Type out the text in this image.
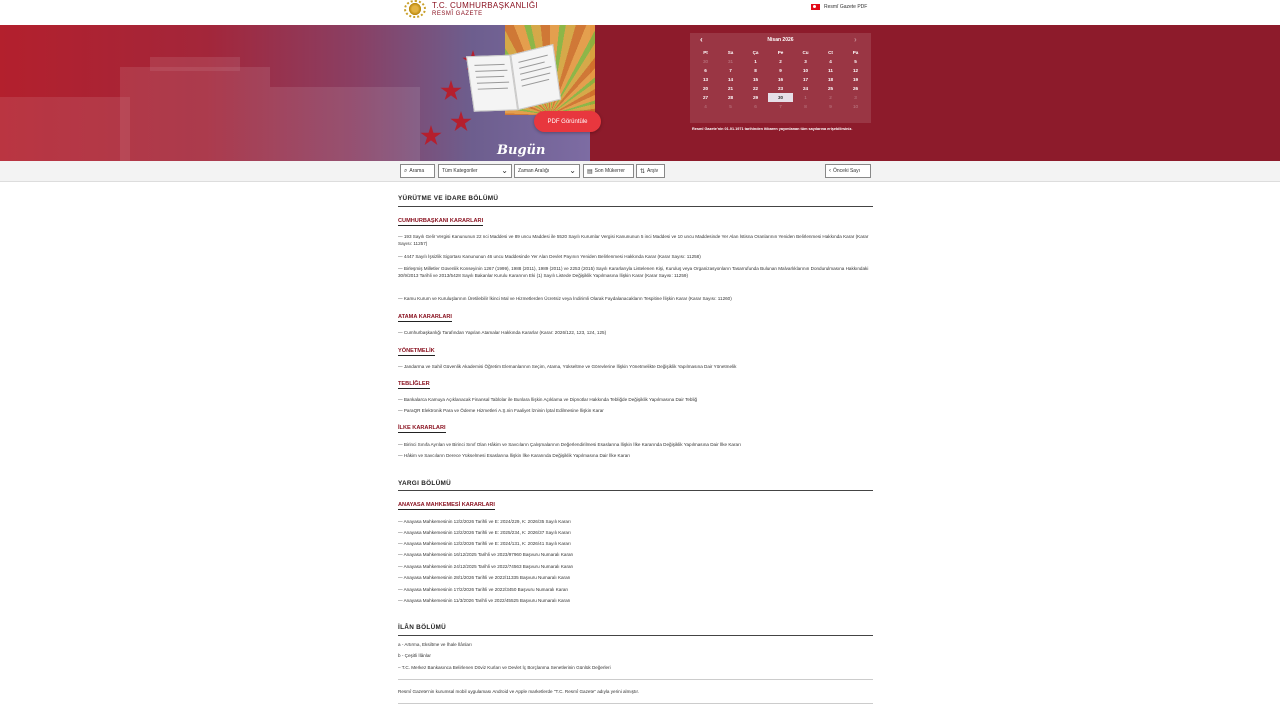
T.C. CUMHURBAŞKANLIĞI
RESMÎ GAZETE
Resmî Gazete PDF
PDF Görüntüle
Bugün
‹	Nisan 2026	›
Pt	Sa	Ça	Pe	Cu	Ct	Pa
30	31	1	2	3	4	5
6	7	8	9	10	11	12
13	14	15	16	17	18	19
20	21	22	23	24	25	26
27	28	29	30	1	2	3
4	5	6	7	8	9	10
Resmî Gazete'nin 01.01.1971 tarihinden itibaren yayımlanan tüm sayılarına erişebilirsiniz.
⌕ Arama	Tüm Kategoriler	⌄ Zaman Aralığı	⌄ ▤ Son Mükerrer	⇅ Arşiv	‹ Önceki Sayı
YÜRÜTME VE İDARE BÖLÜMÜ
CUMHURBAŞKANI KARARLARI
— 193 Sayılı Gelir Vergisi Kanununun 22 nci Maddesi ve 89 uncu Maddesi ile 5520 Sayılı Kurumlar Vergisi Kanununun 5 inci Maddesi ve 10 uncu Maddesinde Yer Alan İstisna Oranlarının Yeniden Belirlenmesi Hakkında Karar (Karar Sayısı: 11257)
— 4447 Sayılı İşsizlik Sigortası Kanununun 46 uncu Maddesinde Yer Alan Devlet Payının Yeniden Belirlenmesi Hakkında Karar (Karar Sayısı: 11258)
— Birleşmiş Milletler Güvenlik Konseyinin 1267 (1999), 1988 (2011), 1989 (2011) ve 2253 (2015) Sayılı Kararlarıyla Listelenen Kişi, Kuruluş veya Organizasyonların Tasarrufunda Bulunan Malvarlıklarının Dondurulmasına Hakkındaki 30/9/2013 Tarihli ve 2013/5428 Sayılı Bakanlar Kurulu Kararının Eki (1) Sayılı Listede Değişiklik Yapılmasına İlişkin Karar (Karar Sayısı: 11259)
— Kamu Kurum ve Kuruluşlarının Üretilebilir İkinci Mal ve Hizmetlerden Ücretsiz veya İndirimli Olarak Faydalanacakların Tespitine İlişkin Karar (Karar Sayısı: 11260)
ATAMA KARARLARI
— Cumhurbaşkanlığı Tarafından Yapılan Atamalar Hakkında Kararlar (Karar: 2026/122, 123, 124, 125)
YÖNETMELİK
— Jandarma ve Sahil Güvenlik Akademisi Öğretim Elemanlarının Seçim, Atama, Yükseltme ve Görevlerine İlişkin Yönetmelikte Değişiklik Yapılmasına Dair Yönetmelik
TEBLİĞLER
— Bankalarca Kamuya Açıklanacak Finansal Tablolar ile Bunlara İlişkin Açıklama ve Dipnotlar Hakkında Tebliğde Değişiklik Yapılmasına Dair Tebliğ
— ParaQR Elektronik Para ve Ödeme Hizmetleri A.Ş.nin Faaliyet İzninin İptal Edilmesine İlişkin Karar
İLKE KARARLARI
— Birinci Sınıfa Ayrılan ve Birinci Sınıf Olan Hâkim ve Savcıların Çalışmalarının Değerlendirilmesi Esaslarına İlişkin İlke Kararında Değişiklik Yapılmasına Dair İlke Kararı
— Hâkim ve Savcıların Derece Yükselmesi Esaslarına İlişkin İlke Kararında Değişiklik Yapılmasına Dair İlke Kararı
YARGI BÖLÜMÜ
ANAYASA MAHKEMESİ KARARLARI
— Anayasa Mahkemesinin 12/2/2026 Tarihli ve E: 2024/229, K: 2026/35 Sayılı Kararı
— Anayasa Mahkemesinin 12/2/2026 Tarihli ve E: 2025/234, K: 2026/37 Sayılı Kararı
— Anayasa Mahkemesinin 12/2/2026 Tarihli ve E: 2024/131, K: 2026/41 Sayılı Kararı
— Anayasa Mahkemesinin 16/12/2025 Tarihli ve 2023/97960 Başvuru Numaralı Kararı
— Anayasa Mahkemesinin 24/12/2025 Tarihli ve 2022/74563 Başvuru Numaralı Kararı
— Anayasa Mahkemesinin 28/1/2026 Tarihli ve 2022/11335 Başvuru Numaralı Kararı
— Anayasa Mahkemesinin 17/2/2026 Tarihli ve 2022/3450 Başvuru Numaralı Kararı
— Anayasa Mahkemesinin 11/3/2026 Tarihli ve 2022/45525 Başvuru Numaralı Kararı
İLÂN BÖLÜMÜ
a - Artırma, Eksiltme ve İhale İlânları
b - Çeşitli İlânlar
– T.C. Merkez Bankasınca Belirlenen Döviz Kurları ve Devlet İç Borçlanma Senetlerinin Günlük Değerleri
Resmî Gazete'nin kurumsal mobil uygulaması Android ve Apple marketlerde "T.C. Resmî Gazete" adıyla yerini almıştır.
